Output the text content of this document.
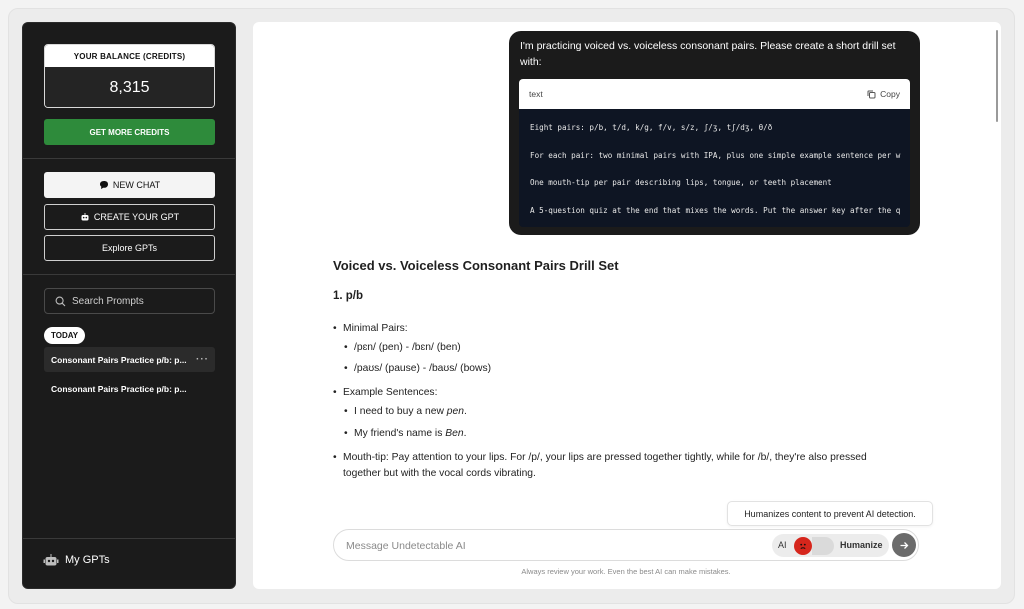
YOUR BALANCE (CREDITS)
8,315
GET MORE CREDITS
NEW CHAT
CREATE YOUR GPT
Explore GPTs
Search Prompts
TODAY
Consonant Pairs Practice p/b: p... ···
Consonant Pairs Practice p/b: p...
My GPTs
I'm practicing voiced vs. voiceless consonant pairs. Please create a short drill set with:
text	Copy
Eight pairs: p/b, t/d, k/g, f/v, s/z, ʃ/ʒ, tʃ/dʒ, θ/ð
For each pair: two minimal pairs with IPA, plus one simple example sentence per w
One mouth-tip per pair describing lips, tongue, or teeth placement
A 5-question quiz at the end that mixes the words. Put the answer key after the q
Voiced vs. Voiceless Consonant Pairs Drill Set
1. p/b
• Minimal Pairs:
• /pɛn/ (pen) - /bɛn/ (ben)
• /paʊs/ (pause) - /baʊs/ (bows)
• Example Sentences:
• I need to buy a new pen.
• My friend's name is Ben.
• Mouth-tip: Pay attention to your lips. For /p/, your lips are pressed together tightly, while for /b/, they're also pressed
together but with the vocal cords vibrating.
Humanizes content to prevent AI detection.
Message Undetectable AI
AI	Humanize
Always review your work. Even the best AI can make mistakes.
